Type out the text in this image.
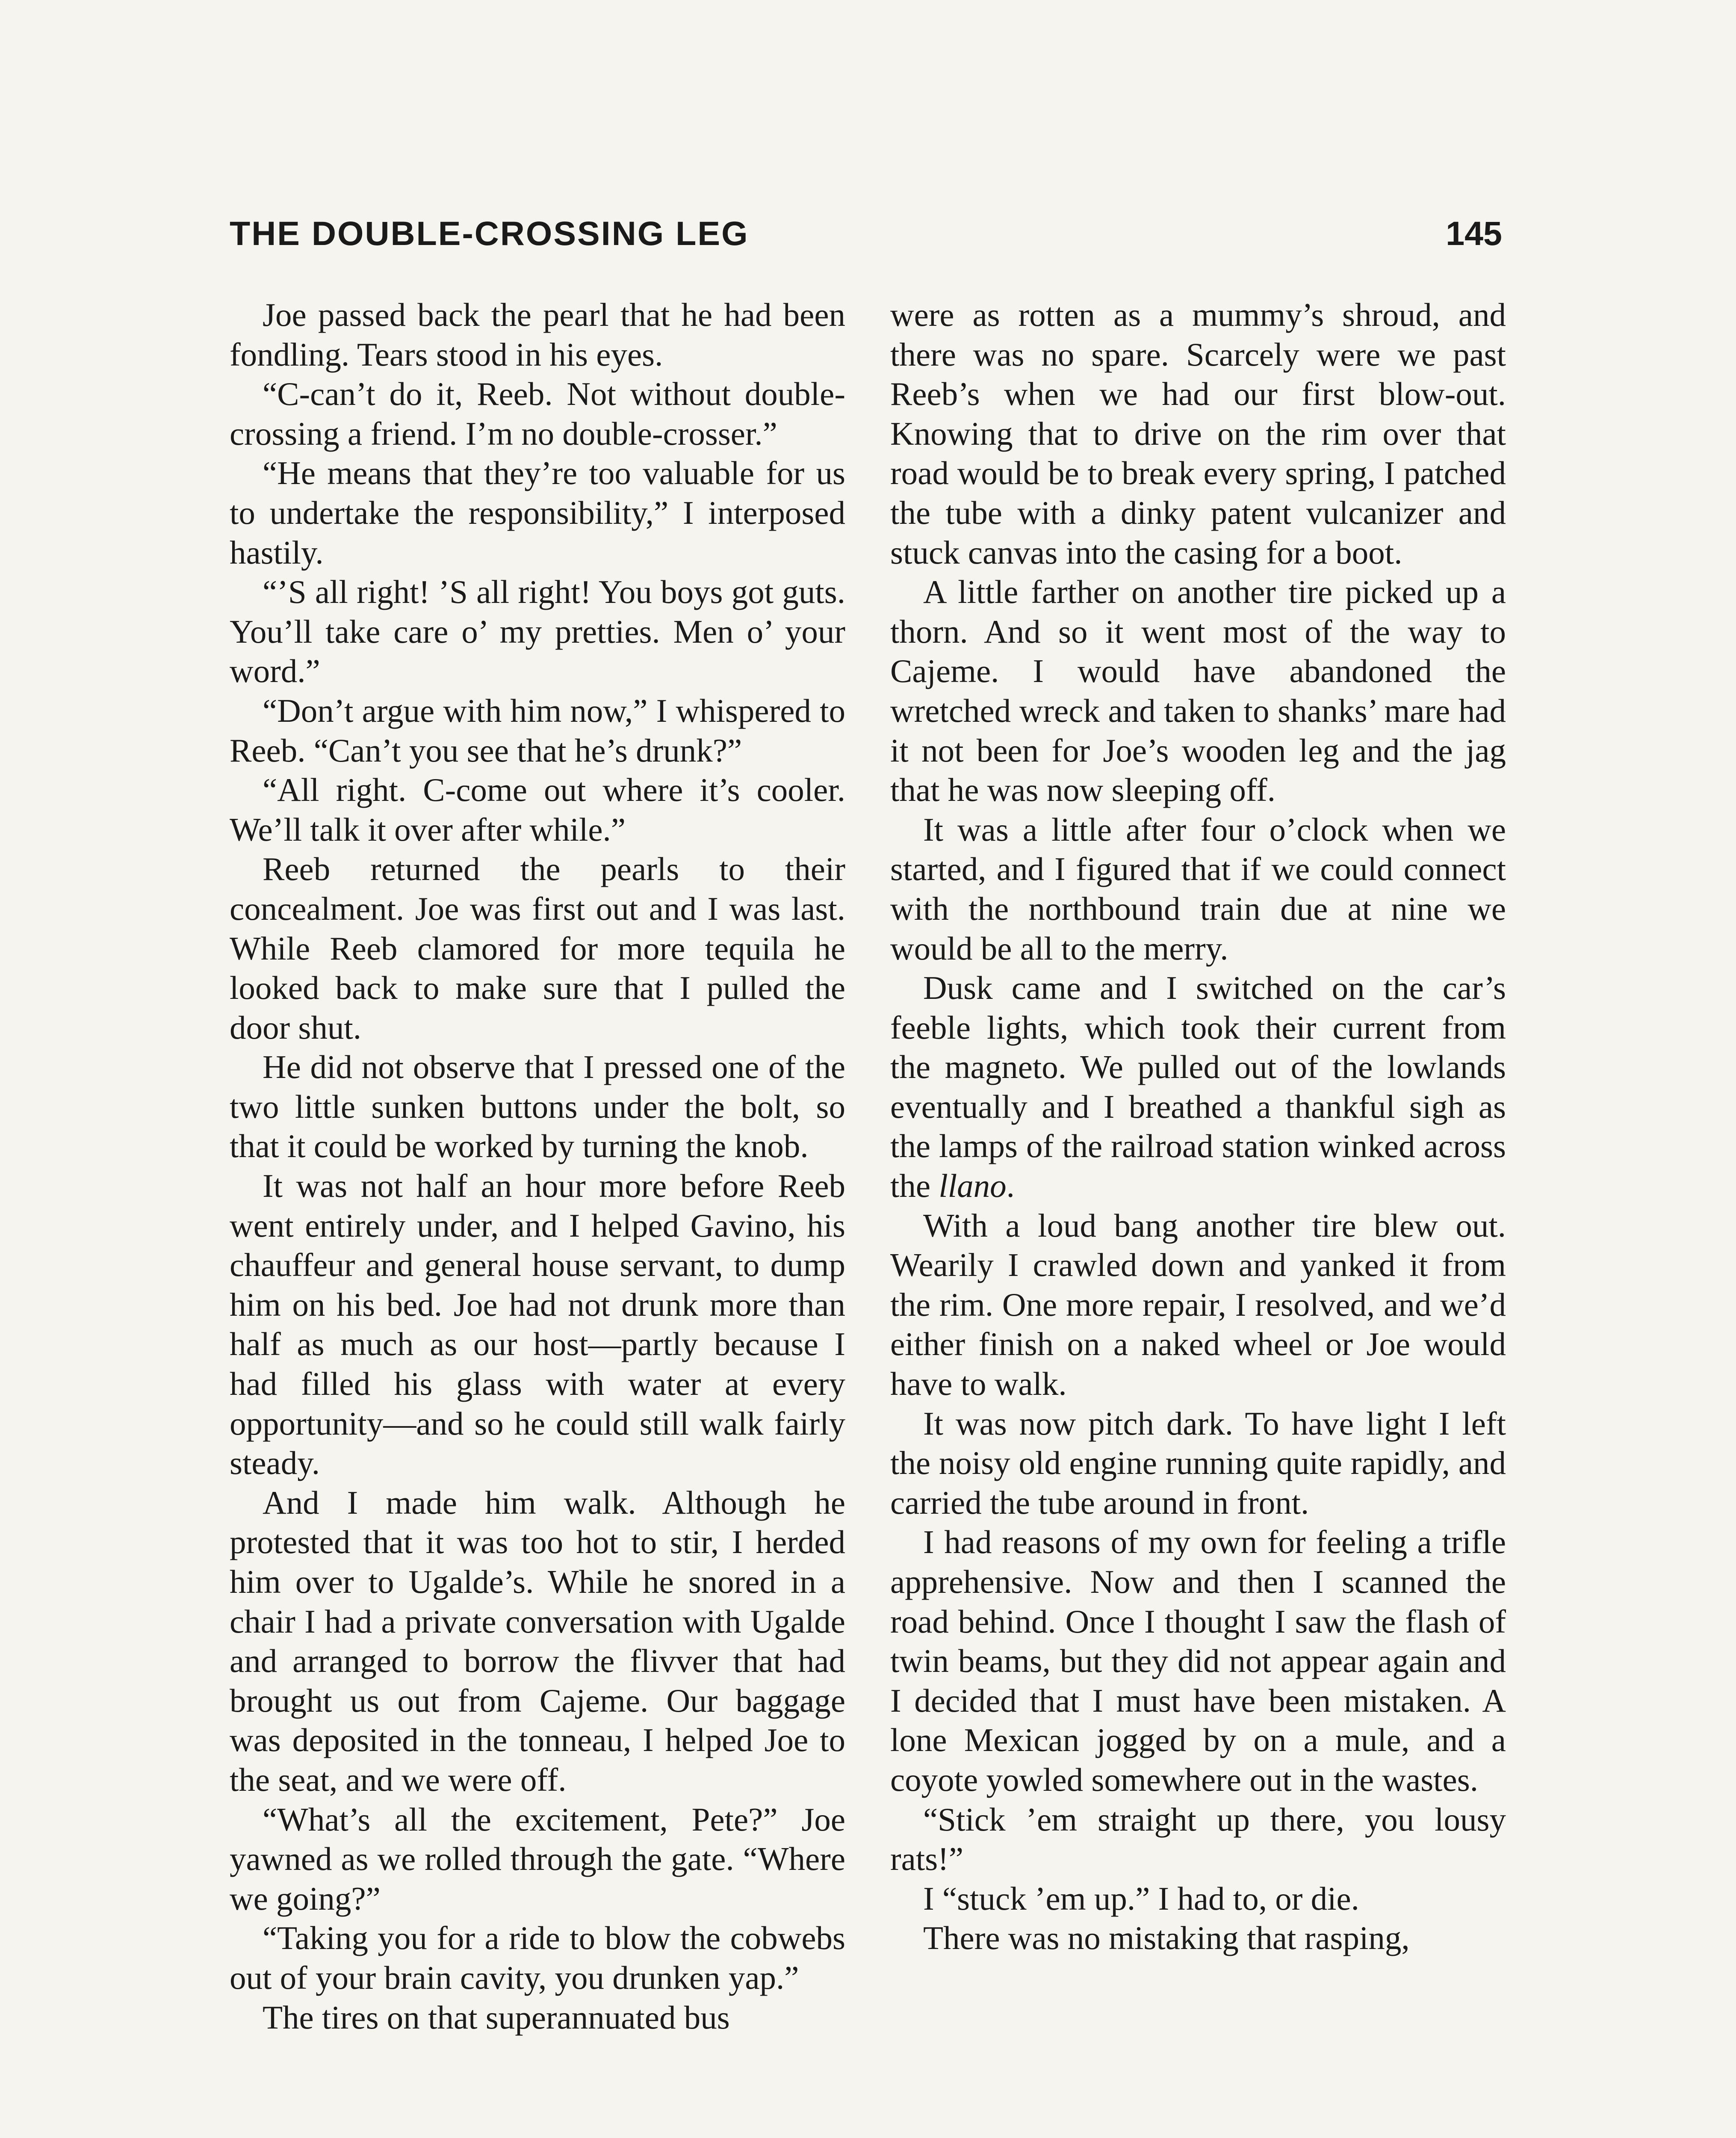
THE DOUBLE-CROSSING LEG	145

Joe passed back the pearl that he had been fondling. Tears stood in his eyes.

“C-can’t do it, Reeb. Not without double-crossing a friend. I’m no double-crosser.”

“He means that they’re too valuable for us to undertake the responsibility,” I interposed hastily.

“’S all right! ’S all right! You boys got guts. You’ll take care o’ my pretties. Men o’ your word.”

“Don’t argue with him now,” I whispered to Reeb. “Can’t you see that he’s drunk?”

“All right. C-come out where it’s cooler. We’ll talk it over after while.”

Reeb returned the pearls to their concealment. Joe was first out and I was last. While Reeb clamored for more tequila he looked back to make sure that I pulled the door shut.

He did not observe that I pressed one of the two little sunken buttons under the bolt, so that it could be worked by turning the knob.

It was not half an hour more before Reeb went entirely under, and I helped Gavino, his chauffeur and general house servant, to dump him on his bed. Joe had not drunk more than half as much as our host—partly because I had filled his glass with water at every opportunity—and so he could still walk fairly steady.

And I made him walk. Although he protested that it was too hot to stir, I herded him over to Ugalde’s. While he snored in a chair I had a private conversation with Ugalde and arranged to borrow the flivver that had brought us out from Cajeme. Our baggage was deposited in the tonneau, I helped Joe to the seat, and we were off.

“What’s all the excitement, Pete?” Joe yawned as we rolled through the gate. “Where we going?”

“Taking you for a ride to blow the cobwebs out of your brain cavity, you drunken yap.”

The tires on that superannuated bus

were as rotten as a mummy’s shroud, and there was no spare. Scarcely were we past Reeb’s when we had our first blow-out. Knowing that to drive on the rim over that road would be to break every spring, I patched the tube with a dinky patent vulcanizer and stuck canvas into the casing for a boot.

A little farther on another tire picked up a thorn. And so it went most of the way to Cajeme. I would have abandoned the wretched wreck and taken to shanks’ mare had it not been for Joe’s wooden leg and the jag that he was now sleeping off.

It was a little after four o’clock when we started, and I figured that if we could connect with the northbound train due at nine we would be all to the merry.

Dusk came and I switched on the car’s feeble lights, which took their current from the magneto. We pulled out of the lowlands eventually and I breathed a thankful sigh as the lamps of the railroad station winked across the llano.

With a loud bang another tire blew out. Wearily I crawled down and yanked it from the rim. One more repair, I resolved, and we’d either finish on a naked wheel or Joe would have to walk.

It was now pitch dark. To have light I left the noisy old engine running quite rapidly, and carried the tube around in front.

I had reasons of my own for feeling a trifle apprehensive. Now and then I scanned the road behind. Once I thought I saw the flash of twin beams, but they did not appear again and I decided that I must have been mistaken. A lone Mexican jogged by on a mule, and a coyote yowled somewhere out in the wastes.

“Stick ’em straight up there, you lousy rats!”

I “stuck ’em up.” I had to, or die.

There was no mistaking that rasping,
